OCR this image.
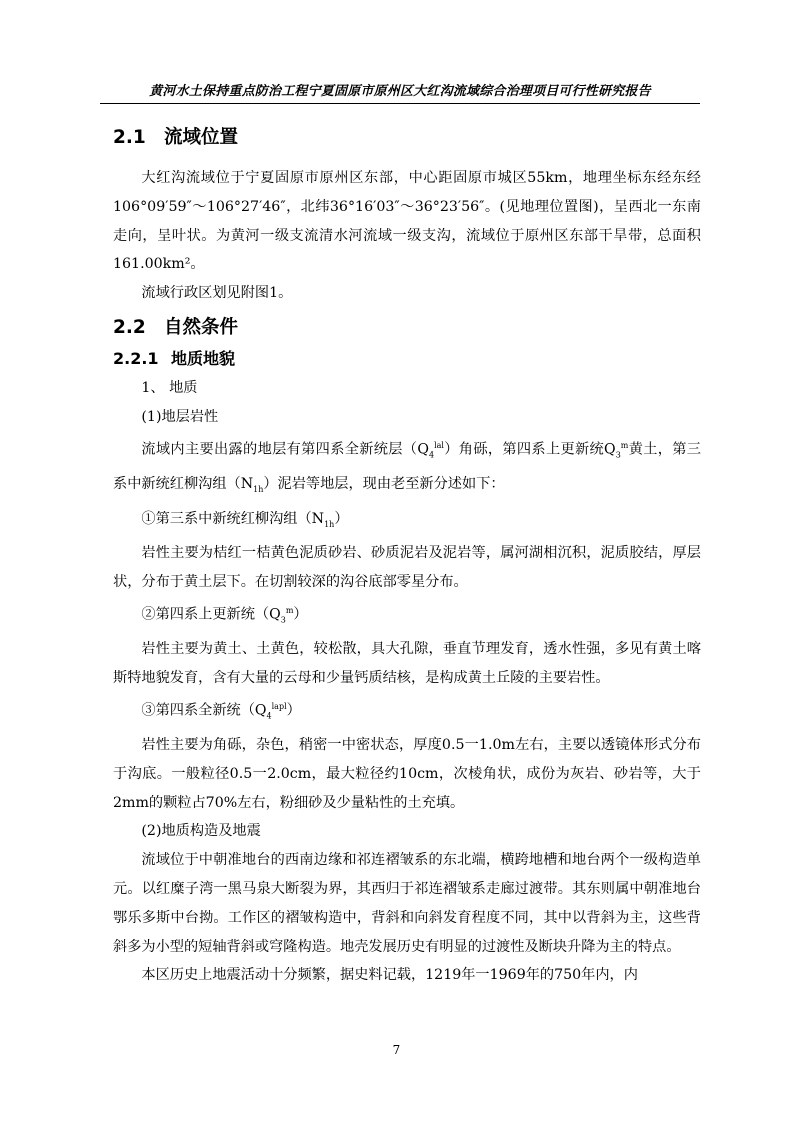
黄河水土保持重点防治工程宁夏固原市原州区大红沟流域综合治理项目可行性研究报告
2.1 流域位置

大红沟流域位于宁夏固原市原州区东部，中心距固原市城区55km，地理坐标东经东经106°09′59″～106°27′46″，北纬36°16′03″～36°23′56″。(见地理位置图)，呈西北一东南走向，呈叶状。为黄河一级支流清水河流域一级支沟，流域位于原州区东部干旱带，总面积161.00km²。

流域行政区划见附图1。

2.2 自然条件
2.2.1 地质地貌

1、 地质

(1)地层岩性

流域内主要出露的地层有第四系全新统层$(Q_4^{lal})$角砾，第四系上更新统$Q_3^m$黄土，第三系中新统红柳沟组$(N_{1h})$泥岩等地层，现由老至新分述如下：

①第三系中新统红柳沟组$(N_{1h})$

岩性主要为桔红一桔黄色泥质砂岩、砂质泥岩及泥岩等，属河湖相沉积，泥质胶结，厚层状，分布于黄土层下。在切割较深的沟谷底部零星分布。

②第四系上更新统$(Q_3^m)$

岩性主要为黄土、土黄色，较松散，具大孔隙，垂直节理发育，透水性强，多见有黄土喀斯特地貌发育，含有大量的云母和少量钙质结核，是构成黄土丘陵的主要岩性。

③第四系全新统$(Q_4^{lapl})$

岩性主要为角砾，杂色，稍密一中密状态，厚度0.5一1.0m左右，主要以透镜体形式分布于沟底。一般粒径0.5一2.0cm，最大粒径约10cm，次棱角状，成份为灰岩、砂岩等，大于2mm的颗粒占70%左右，粉细砂及少量粘性的土充填。

(2)地质构造及地震

流域位于中朝准地台的西南边缘和祁连褶皱系的东北端，横跨地槽和地台两个一级构造单元。以红糜子湾一黑马泉大断裂为界，其西归于祁连褶皱系走廊过渡带。其东则属中朝准地台鄂乐多斯中台拗。工作区的褶皱构造中，背斜和向斜发育程度不同，其中以背斜为主，这些背斜多为小型的短轴背斜或穹隆构造。地壳发展历史有明显的过渡性及断块升降为主的特点。

本区历史上地震活动十分频繁，据史料记载，1219年一1969年的750年内，内

7
